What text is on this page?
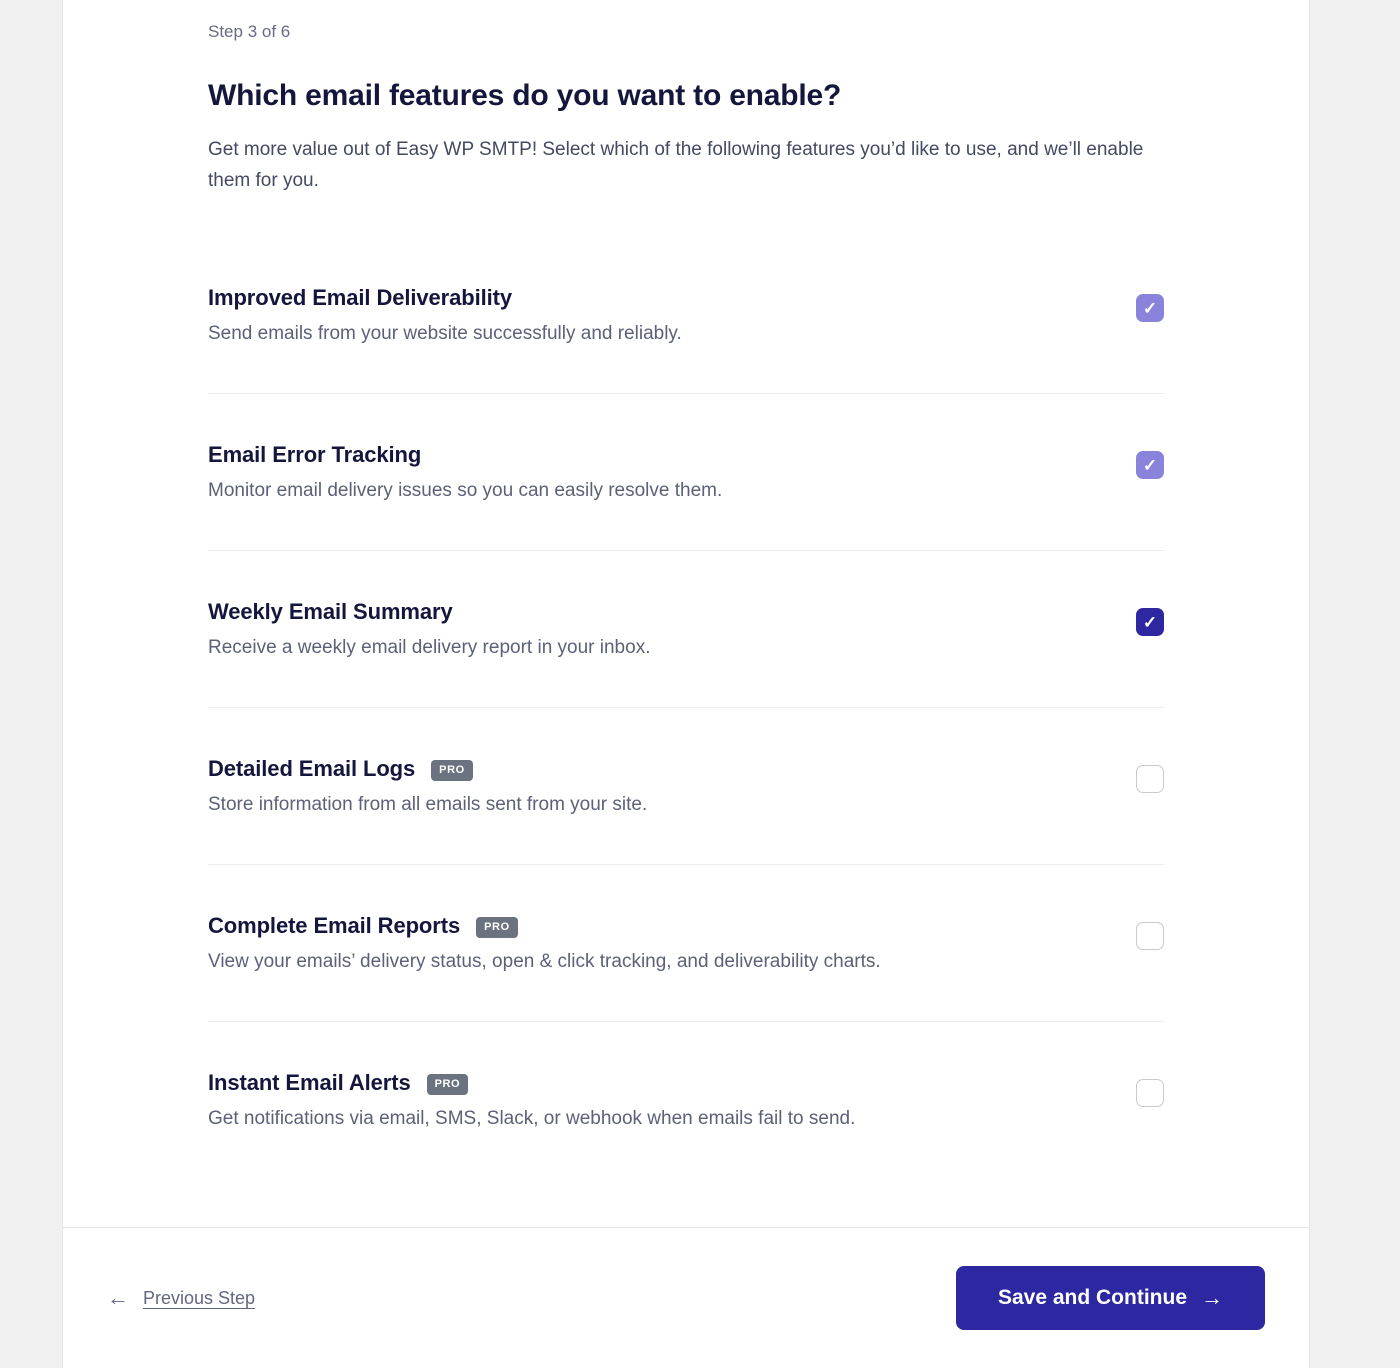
Step 3 of 6
Which email features do you want to enable?

Get more value out of Easy WP SMTP! Select which of the following features you’d like to use, and we’ll enable them for you.

Improved Email Deliverability
Send emails from your website successfully and reliably.
✓
Email Error Tracking
Monitor email delivery issues so you can easily resolve them.
✓
Weekly Email Summary
Receive a weekly email delivery report in your inbox.
✓
Detailed Email Logs	PRO
Store information from all emails sent from your site.
Complete Email Reports	PRO
View your emails’ delivery status, open & click tracking, and deliverability charts.
Instant Email Alerts	PRO
Get notifications via email, SMS, Slack, or webhook when emails fail to send.
← Previous Step	Save and Continue →
